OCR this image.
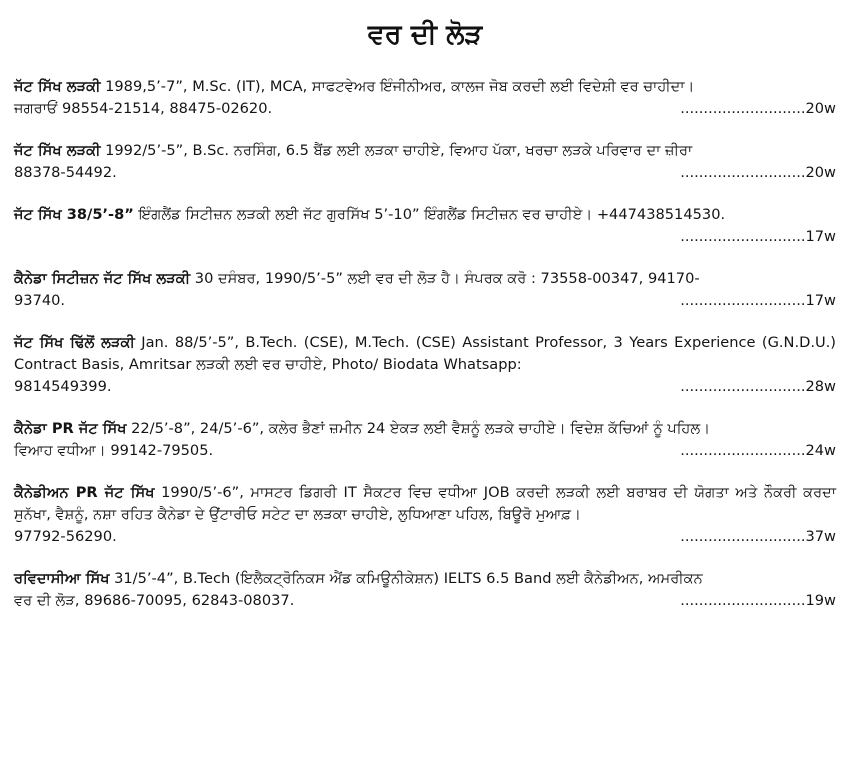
ਵਰ ਦੀ ਲੋੜ

ਜੱਟ ਸਿੱਖ ਲੜਕੀ 1989,5’-7”, M.Sc. (IT), MCA, ਸਾਫਟਵੇਅਰ ਇੰਜੀਨੀਅਰ, ਕਾਲਜ ਜੋਬ ਕਰਦੀ ਲਈ ਵਿਦੇਸ਼ੀ ਵਰ ਚਾਹੀਦਾ।

ਜਗਰਾਓਂ 98554-21514, 88475-02620.	...........................20w

ਜੱਟ ਸਿੱਖ ਲੜਕੀ 1992/5’-5”, B.Sc. ਨਰਸਿੰਗ, 6.5 ਬੈਂਡ ਲਈ ਲੜਕਾ ਚਾਹੀਏ, ਵਿਆਹ ਪੱਕਾ, ਖਰਚਾ ਲੜਕੇ ਪਰਿਵਾਰ ਦਾ ਜ਼ੀਰਾ

88378-54492.	...........................20w

ਜੱਟ ਸਿੱਖ 38/5’-8” ਇੰਗਲੈਂਡ ਸਿਟੀਜ਼ਨ ਲੜਕੀ ਲਈ ਜੱਟ ਗੁਰਸਿੱਖ 5’-10” ਇੰਗਲੈਂਡ ਸਿਟੀਜ਼ਨ ਵਰ ਚਾਹੀਏ। +447438514530.

...........................17w

ਕੈਨੇਡਾ ਸਿਟੀਜ਼ਨ ਜੱਟ ਸਿੱਖ ਲੜਕੀ 30 ਦਸੰਬਰ, 1990/5’-5” ਲਈ ਵਰ ਦੀ ਲੋੜ ਹੈ। ਸੰਪਰਕ ਕਰੋ : 73558-00347, 94170-

93740.	...........................17w

ਜੱਟ ਸਿੱਖ ਢਿੱਲੋਂ ਲੜਕੀ Jan. 88/5’-5”, B.Tech. (CSE), M.Tech. (CSE) Assistant Professor, 3 Years Experience (G.N.D.U.) Contract Basis, Amritsar ਲੜਕੀ ਲਈ ਵਰ ਚਾਹੀਏ, Photo/ Biodata Whatsapp:

9814549399.	...........................28w

ਕੈਨੇਡਾ PR ਜੱਟ ਸਿੱਖ 22/5’-8”, 24/5’-6”, ਕਲੇਰ ਭੈਣਾਂ ਜ਼ਮੀਨ 24 ਏਕੜ ਲਈ ਵੈਸ਼ਨੂੰ ਲੜਕੇ ਚਾਹੀਏ। ਵਿਦੇਸ਼ ਕੱਚਿਆਂ ਨੂੰ ਪਹਿਲ।

ਵਿਆਹ ਵਧੀਆ। 99142-79505.	...........................24w

ਕੈਨੇਡੀਅਨ PR ਜੱਟ ਸਿੱਖ 1990/5’-6”, ਮਾਸਟਰ ਡਿਗਰੀ IT ਸੈਕਟਰ ਵਿਚ ਵਧੀਆ JOB ਕਰਦੀ ਲੜਕੀ ਲਈ ਬਰਾਬਰ ਦੀ ਯੋਗਤਾ ਅਤੇ ਨੌਕਰੀ ਕਰਦਾ ਸੁਨੱਖਾ, ਵੈਸ਼ਨੂੰ, ਨਸ਼ਾ ਰਹਿਤ ਕੈਨੇਡਾ ਦੇ ਉਂਟਾਰੀਓ ਸਟੇਟ ਦਾ ਲੜਕਾ ਚਾਹੀਏ, ਲੁਧਿਆਣਾ ਪਹਿਲ, ਬਿਊਰੋ ਮੁਆਫ਼।

97792-56290.	...........................37w

ਰਵਿਦਾਸੀਆ ਸਿੱਖ 31/5’-4”, B.Tech (ਇਲੈਕਟ੍ਰੋਨਿਕਸ ਐਂਡ ਕਮਿਊਨੀਕੇਸ਼ਨ) IELTS 6.5 Band ਲਈ ਕੈਨੇਡੀਅਨ, ਅਮਰੀਕਨ

ਵਰ ਦੀ ਲੋੜ, 89686-70095, 62843-08037.	...........................19w
